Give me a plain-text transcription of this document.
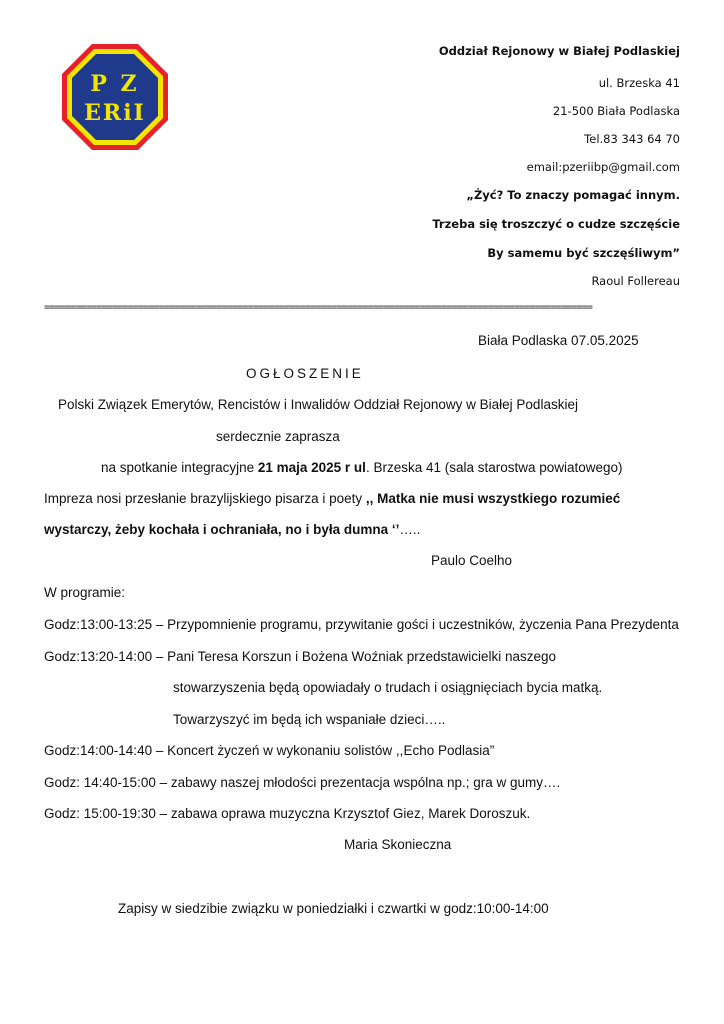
P Z
ERiI
Oddział Rejonowy w Białej Podlaskiej
ul. Brzeska 41
21-500 Biała Podlaska
Tel.83 343 64 70
email:pzeriibp@gmail.com
„Żyć? To znaczy pomagać innym.
Trzeba się troszczyć o cudze szczęście
By samemu być szczęśliwym”
Raoul Follereau
=========================================================================================================
Biała Podlaska 07.05.2025
OGŁOSZENIE
Polski Związek Emerytów, Rencistów i Inwalidów Oddział Rejonowy w Białej Podlaskiej
serdecznie zaprasza
na spotkanie integracyjne 21 maja 2025 r ul. Brzeska 41 (sala starostwa powiatowego)
Impreza nosi przesłanie brazylijskiego pisarza i poety ,, Matka nie musi wszystkiego rozumieć
wystarczy, żeby kochała i ochraniała, no i była dumna ‘’…..
Paulo Coelho
W programie:
Godz:13:00-13:25 – Przypomnienie programu, przywitanie gości i uczestników, życzenia Pana Prezydenta
Godz:13:20-14:00 – Pani Teresa Korszun i Bożena Woźniak przedstawicielki naszego
stowarzyszenia będą opowiadały o trudach i osiągnięciach bycia matką.
Towarzyszyć im będą ich wspaniałe dzieci…..
Godz:14:00-14:40 – Koncert życzeń w wykonaniu solistów ,,Echo Podlasia”
Godz: 14:40-15:00 – zabawy naszej młodości prezentacja wspólna np.; gra w gumy….
Godz: 15:00-19:30 – zabawa oprawa muzyczna Krzysztof Giez, Marek Doroszuk.
Maria Skonieczna
Zapisy w siedzibie związku w poniedziałki i czwartki w godz:10:00-14:00
